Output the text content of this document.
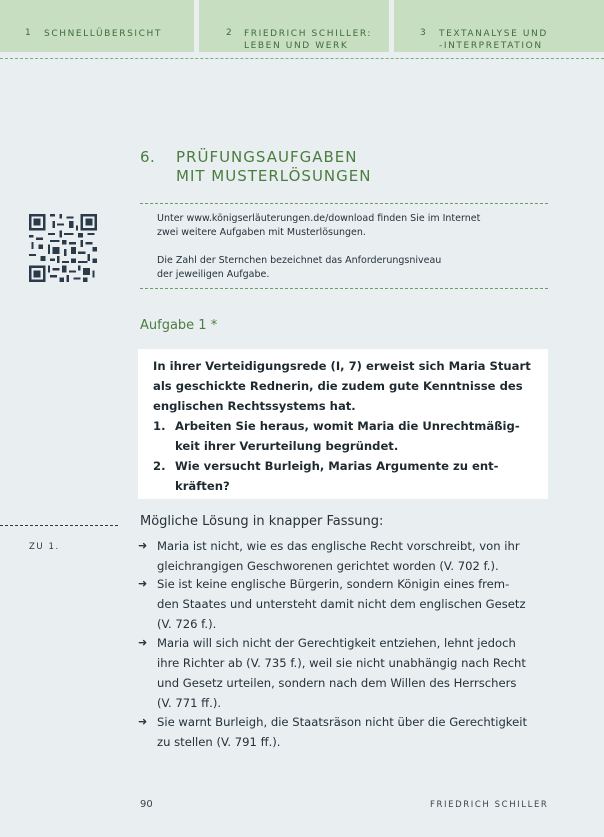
1 SCHNELLÜBERSICHT	2 FRIEDRICH SCHILLER:
LEBEN UND WERK
3 TEXTANALYSE UND
-INTERPRETATION
6. PRÜFUNGSAUFGABEN
MIT MUSTERLÖSUNGEN

Unter www.königserläuterungen.de/download finden Sie im Internet
zwei weitere Aufgaben mit Musterlösungen.

Die Zahl der Sternchen bezeichnet das Anforderungsniveau
der jeweiligen Aufgabe.

Aufgabe 1 *

In ihrer Verteidigungsrede (I, 7) erweist sich Maria Stuart
als geschickte Rednerin, die zudem gute Kenntnisse des
englischen Rechtssystems hat.

1. Arbeiten Sie heraus, womit Maria die Unrechtmäßig-
keit ihrer Verurteilung begründet.
2. Wie versucht Burleigh, Marias Argumente zu ent-
kräften?
ZU 1.
Mögliche Lösung in knapper Fassung:
➜ Maria ist nicht, wie es das englische Recht vorschreibt, von ihr
gleichrangigen Geschworenen gerichtet worden (V. 702 f.).
➜ Sie ist keine englische Bürgerin, sondern Königin eines frem-
den Staates und untersteht damit nicht dem englischen Gesetz
(V. 726 f.).
➜ Maria will sich nicht der Gerechtigkeit entziehen, lehnt jedoch
ihre Richter ab (V. 735 f.), weil sie nicht unabhängig nach Recht
und Gesetz urteilen, sondern nach dem Willen des Herrschers
(V. 771 ff.).
➜ Sie warnt Burleigh, die Staatsräson nicht über die Gerechtigkeit
zu stellen (V. 791 ff.).
90	FRIEDRICH SCHILLER
